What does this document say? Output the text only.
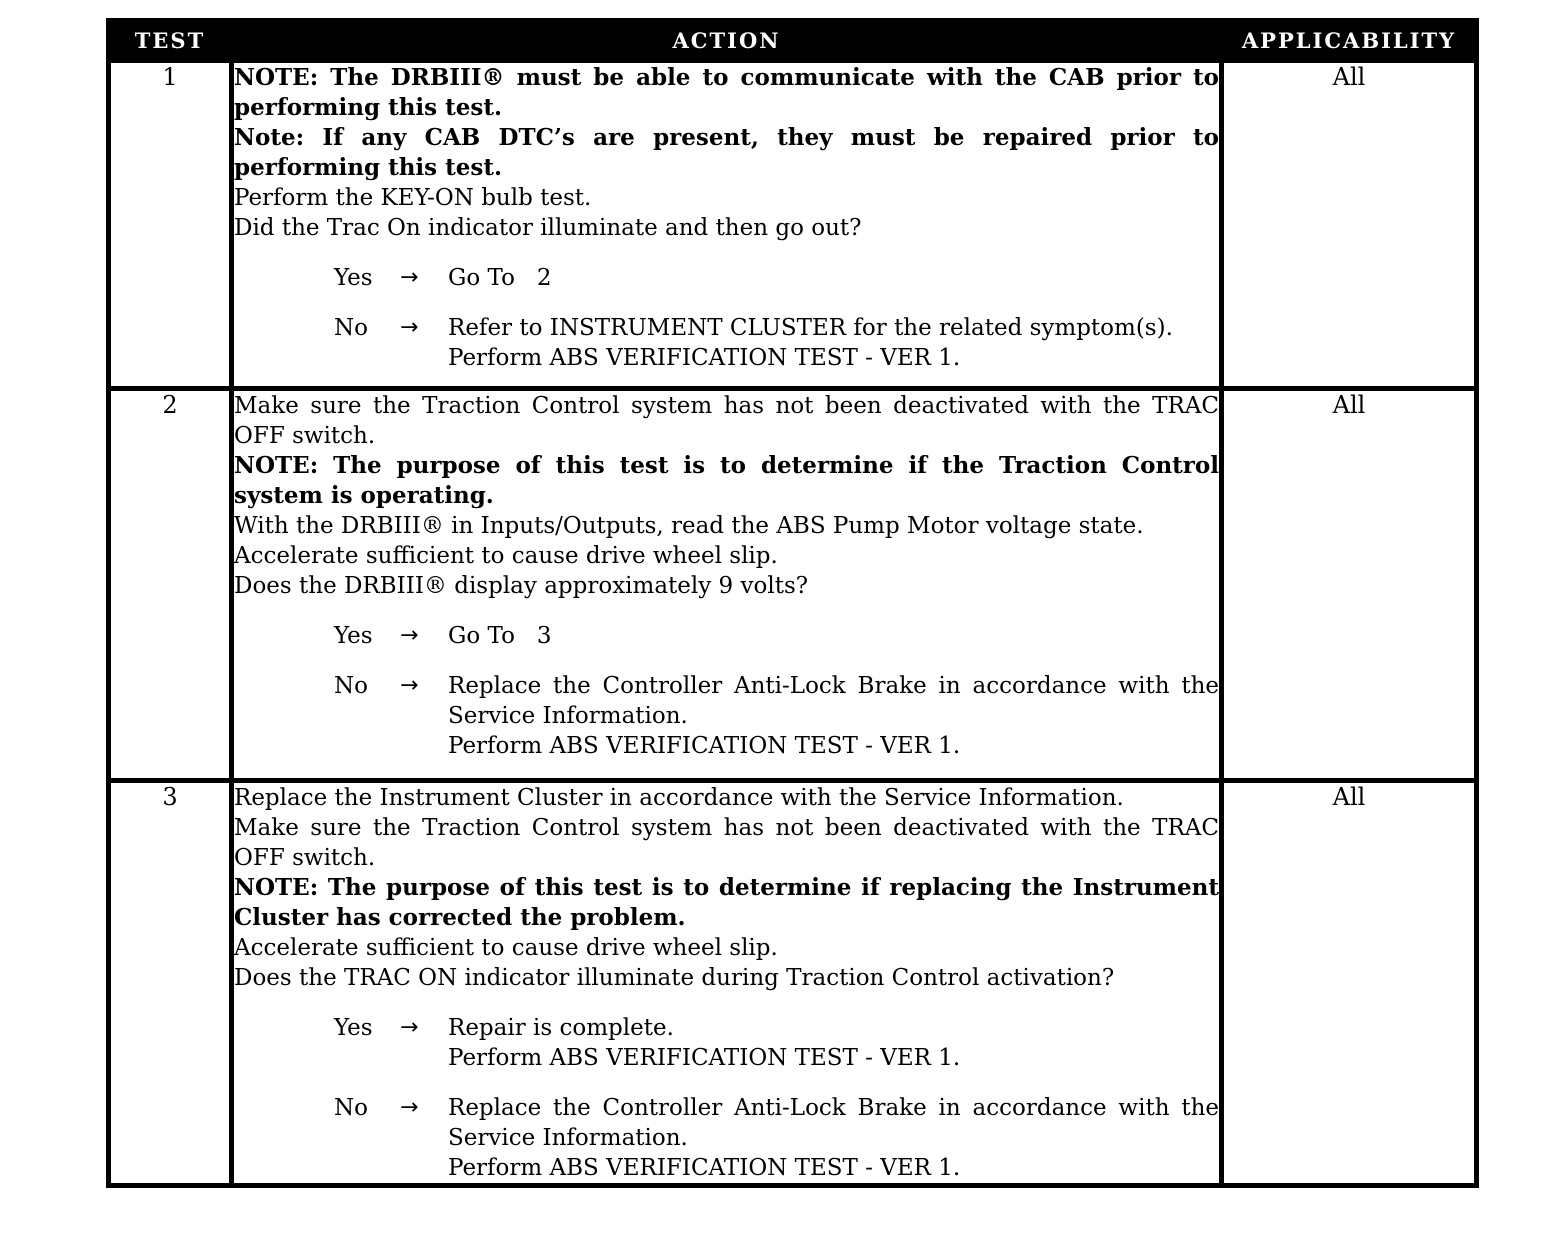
TEST	ACTION	APPLICABILITY
1	NOTE: The DRBIII® must be able to communicate with the CAB prior to performing this test.

Note: If any CAB DTC’s are present, they must be repaired prior to performing this test.

Perform the KEY-ON bulb test.

Did the Trac On indicator illuminate and then go out?

Yes	→	Go To   2
No	→	Refer to INSTRUMENT CLUSTER for the related symptom(s).
Perform ABS VERIFICATION TEST - VER 1.
	All
2	Make sure the Traction Control system has not been deactivated with the TRAC OFF switch.

NOTE: The purpose of this test is to determine if the Traction Control system is operating.

With the DRBIII® in Inputs/Outputs, read the ABS Pump Motor voltage state.

Accelerate sufficient to cause drive wheel slip.

Does the DRBIII® display approximately 9 volts?

Yes	→	Go To   3
No	→	Replace the Controller Anti-Lock Brake in accordance with the Service Information.
Perform ABS VERIFICATION TEST - VER 1.
	All
3	Replace the Instrument Cluster in accordance with the Service Information.

Make sure the Traction Control system has not been deactivated with the TRAC OFF switch.

NOTE: The purpose of this test is to determine if replacing the Instrument Cluster has corrected the problem.

Accelerate sufficient to cause drive wheel slip.

Does the TRAC ON indicator illuminate during Traction Control activation?

Yes	→	Repair is complete.
Perform ABS VERIFICATION TEST - VER 1.
No	→	Replace the Controller Anti-Lock Brake in accordance with the Service Information.
Perform ABS VERIFICATION TEST - VER 1.
	All
